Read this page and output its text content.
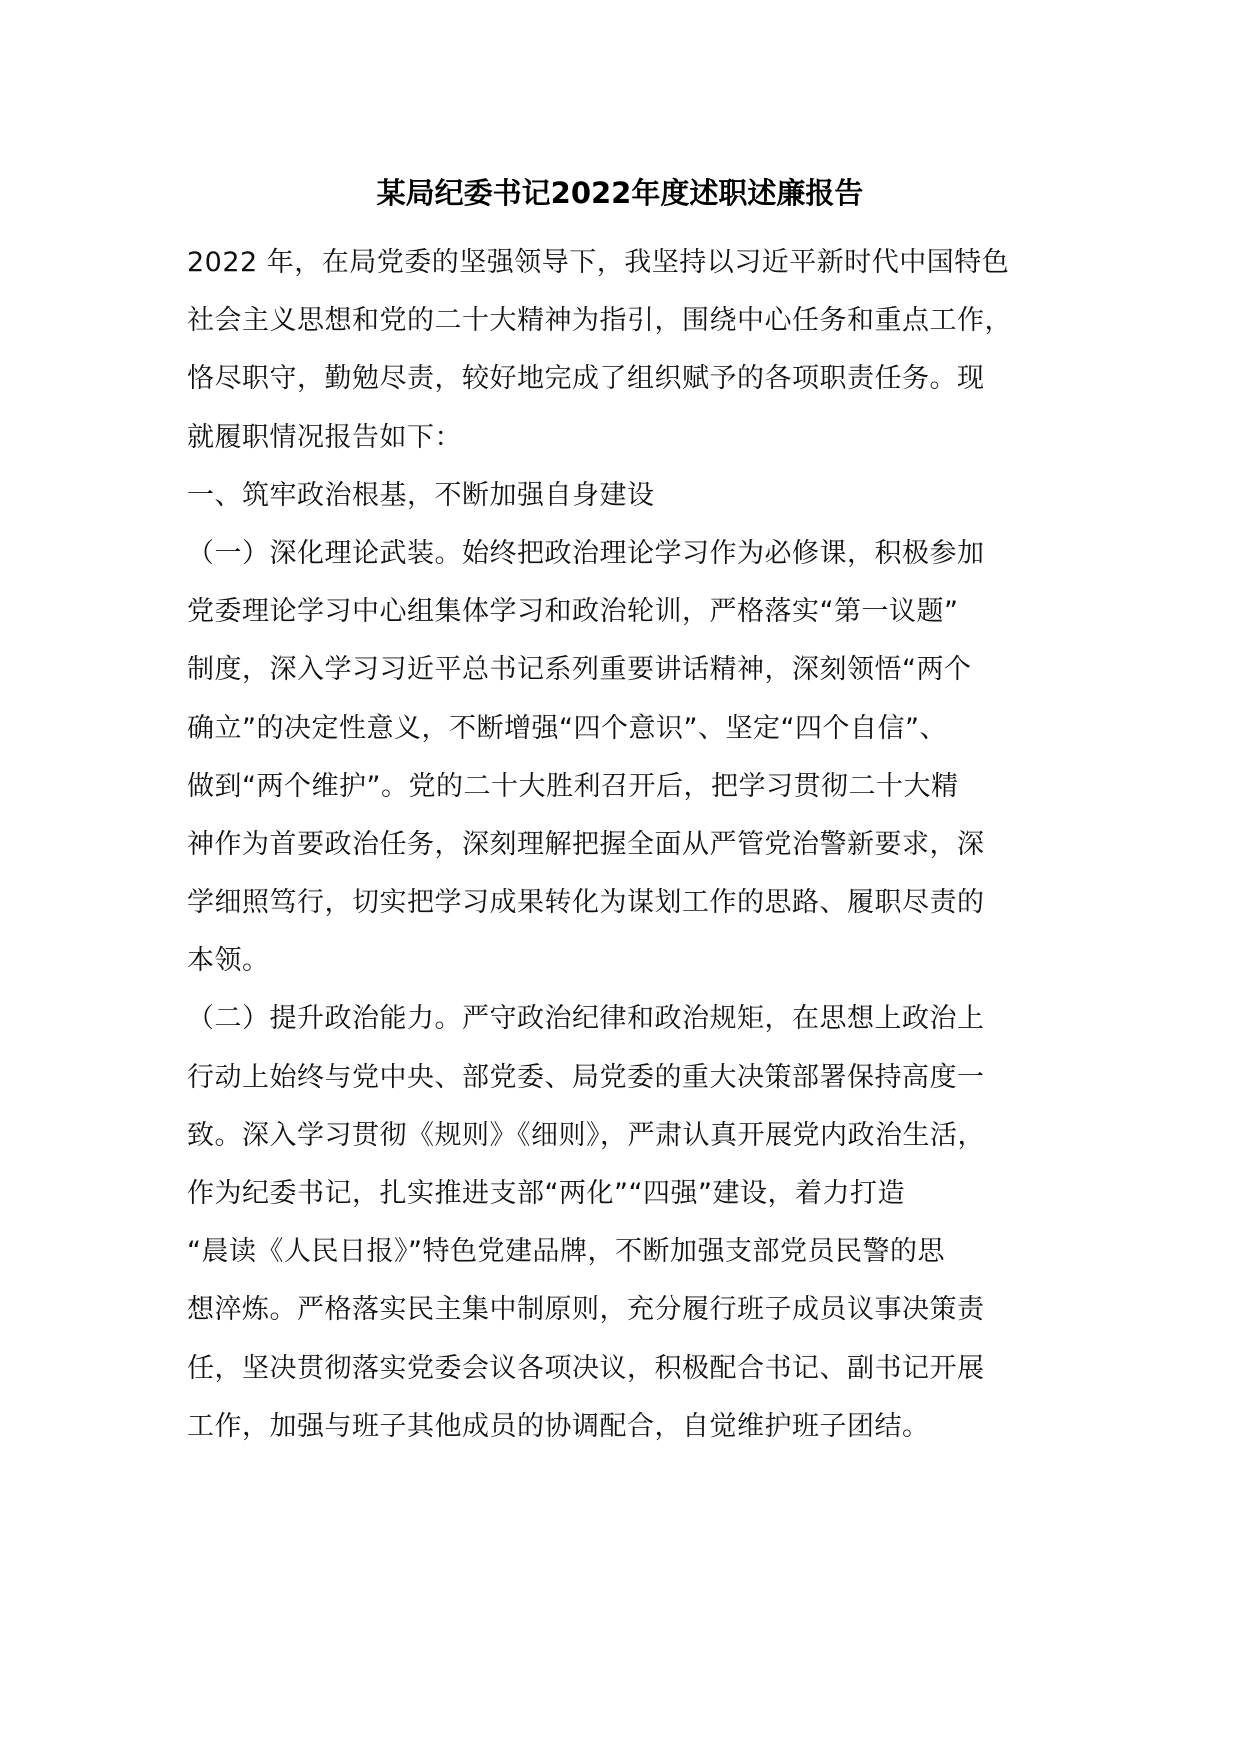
某局纪委书记2022年度述职述廉报告
2022 年，在局党委的坚强领导下，我坚持以习近平新时代中国特色
社会主义思想和党的二十大精神为指引，围绕中心任务和重点工作，
恪尽职守，勤勉尽责，较好地完成了组织赋予的各项职责任务。现
就履职情况报告如下：
一、筑牢政治根基，不断加强自身建设
（一）深化理论武装。始终把政治理论学习作为必修课，积极参加
党委理论学习中心组集体学习和政治轮训，严格落实“第一议题”
制度，深入学习习近平总书记系列重要讲话精神，深刻领悟“两个
确立”的决定性意义，不断增强“四个意识”、坚定“四个自信”、
做到“两个维护”。党的二十大胜利召开后，把学习贯彻二十大精
神作为首要政治任务，深刻理解把握全面从严管党治警新要求，深
学细照笃行，切实把学习成果转化为谋划工作的思路、履职尽责的
本领。
（二）提升政治能力。严守政治纪律和政治规矩，在思想上政治上
行动上始终与党中央、部党委、局党委的重大决策部署保持高度一
致。深入学习贯彻《规则》《细则》，严肃认真开展党内政治生活，
作为纪委书记，扎实推进支部“两化”“四强”建设，着力打造
“晨读《人民日报》”特色党建品牌，不断加强支部党员民警的思
想淬炼。严格落实民主集中制原则，充分履行班子成员议事决策责
任，坚决贯彻落实党委会议各项决议，积极配合书记、副书记开展
工作，加强与班子其他成员的协调配合，自觉维护班子团结。
